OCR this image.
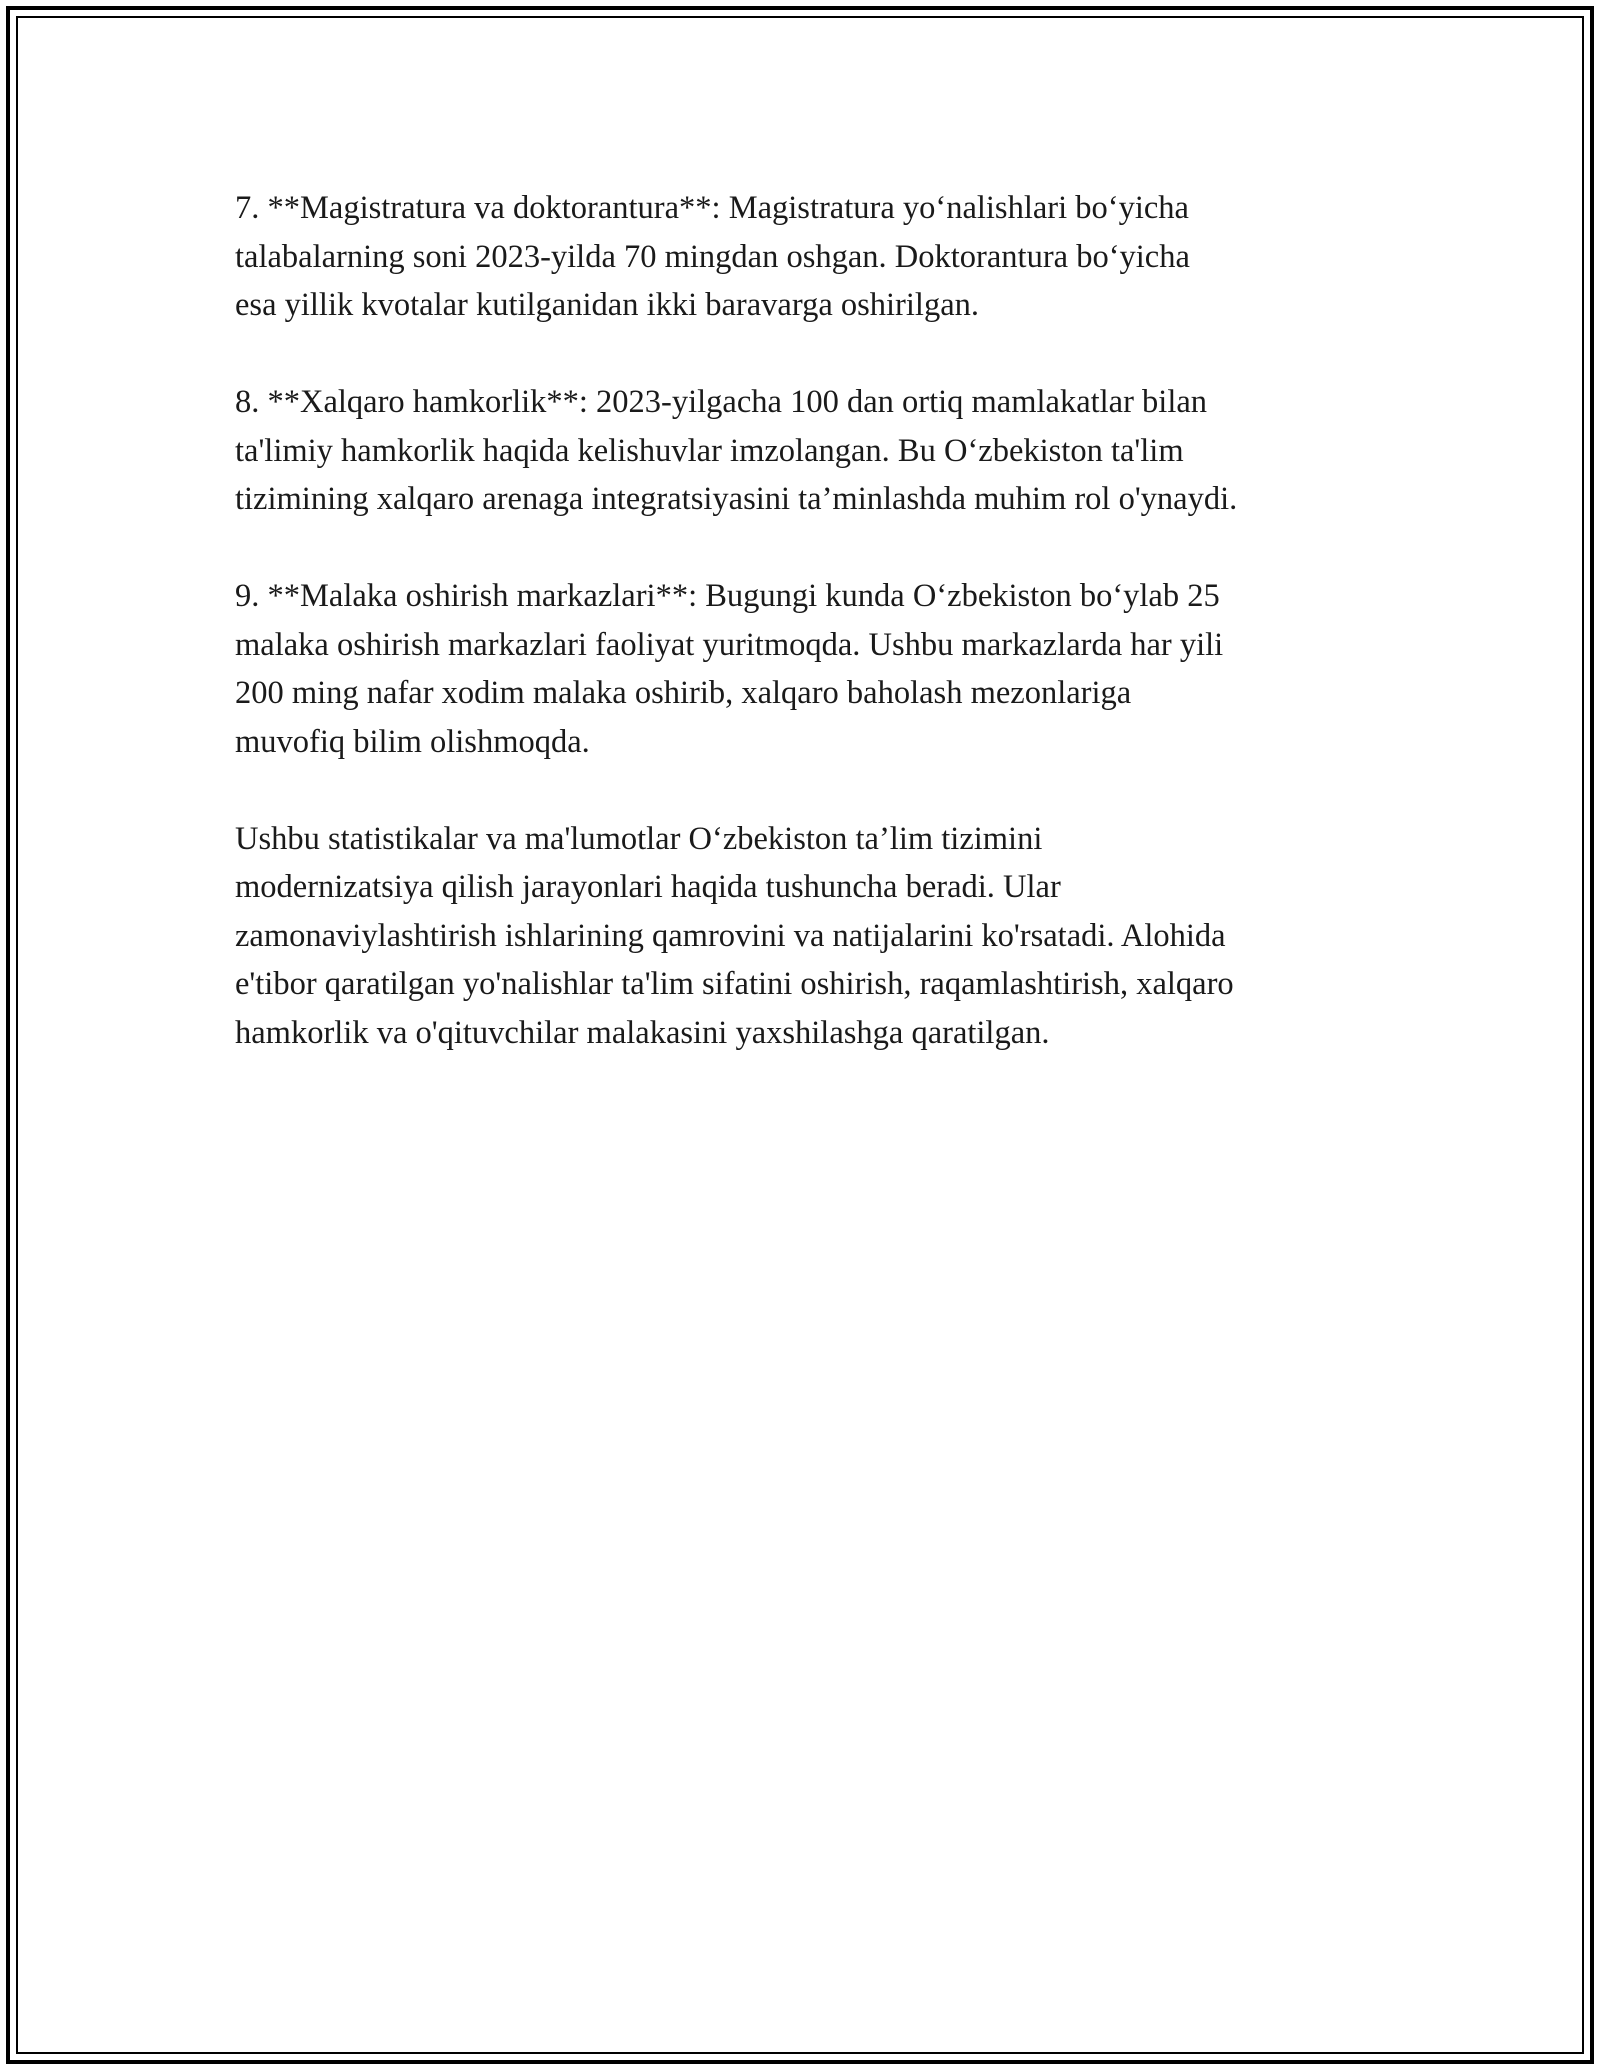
7. **Magistratura va doktorantura**: Magistratura yo‘nalishlari bo‘yicha
talabalarning soni 2023-yilda 70 mingdan oshgan. Doktorantura bo‘yicha
esa yillik kvotalar kutilganidan ikki baravarga oshirilgan.

8. **Xalqaro hamkorlik**: 2023-yilgacha 100 dan ortiq mamlakatlar bilan
ta'limiy hamkorlik haqida kelishuvlar imzolangan. Bu O‘zbekiston ta'lim
tizimining xalqaro arenaga integratsiyasini ta’minlashda muhim rol o'ynaydi.

9. **Malaka oshirish markazlari**: Bugungi kunda O‘zbekiston bo‘ylab 25
malaka oshirish markazlari faoliyat yuritmoqda. Ushbu markazlarda har yili
200 ming nafar xodim malaka oshirib, xalqaro baholash mezonlariga
muvofiq bilim olishmoqda.

Ushbu statistikalar va ma'lumotlar O‘zbekiston ta’lim tizimini
modernizatsiya qilish jarayonlari haqida tushuncha beradi. Ular
zamonaviylashtirish ishlarining qamrovini va natijalarini ko'rsatadi. Alohida
e'tibor qaratilgan yo'nalishlar ta'lim sifatini oshirish, raqamlashtirish, xalqaro
hamkorlik va o'qituvchilar malakasini yaxshilashga qaratilgan.
